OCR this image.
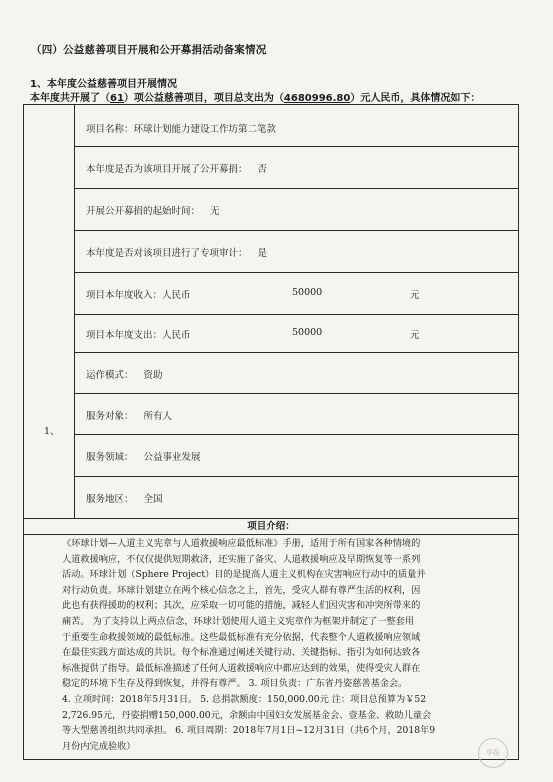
（四）公益慈善项目开展和公开募捐活动备案情况
1、本年度公益慈善项目开展情况
本年度共开展了（61）项公益慈善项目，项目总支出为（4680996.80）元人民币，具体情况如下：
1、
项目名称：环球计划能力建设工作坊第二笔款
本年度是否为该项目开展了公开募捐： 否
开展公开募捐的起始时间： 无
本年度是否对该项目进行了专项审计： 是
项目本年度收入：人民币	50000	元
项目本年度支出：人民币	50000	元
运作模式： 资助
服务对象： 所有人
服务领域： 公益事业发展
服务地区： 全国
项目介绍：

《环球计划—人道主义宪章与人道救援响应最低标准》手册，适用于所有国家各种情境的

人道救援响应，不仅仅提供短期救济，还实施了备灾、人道救援响应及早期恢复等一系列

活动。环球计划（Sphere Project）目的是提高人道主义机构在灾害响应行动中的质量并

对行动负责。环球计划建立在两个核心信念之上，首先，受灾人群有尊严生活的权利，因

此也有获得援助的权利；其次，应采取一切可能的措施，减轻人们因灾害和冲突所带来的

痛苦。 为了支持以上两点信念，环球计划使用人道主义宪章作为框架并制定了一整套用

于重要生命救援领域的最低标准。这些最低标准有充分依据，代表整个人道救援响应领域

在最佳实践方面达成的共识。每个标准通过阐述关键行动、关键指标、指引为如何达致各

标准提供了指导。最低标准描述了任何人道救援响应中都应达到的效果，使得受灾人群在

稳定的环境下生存及得到恢复，并得有尊严。 3. 项目负责：广东省丹姿慈善基金会。

4. 立项时间：2018年5月31日。 5. 总捐款额度：150,000.00元 注：项目总预算为￥52

2,726.95元，丹姿捐赠150,000.00元，余额由中国妇女发展基金会、壹基金、救助儿童会

等大型慈善组织共同承担。 6. 项目周期：2018年7月1日~12月31日（共6个月，2018年9

月份内完成验收）

华报
